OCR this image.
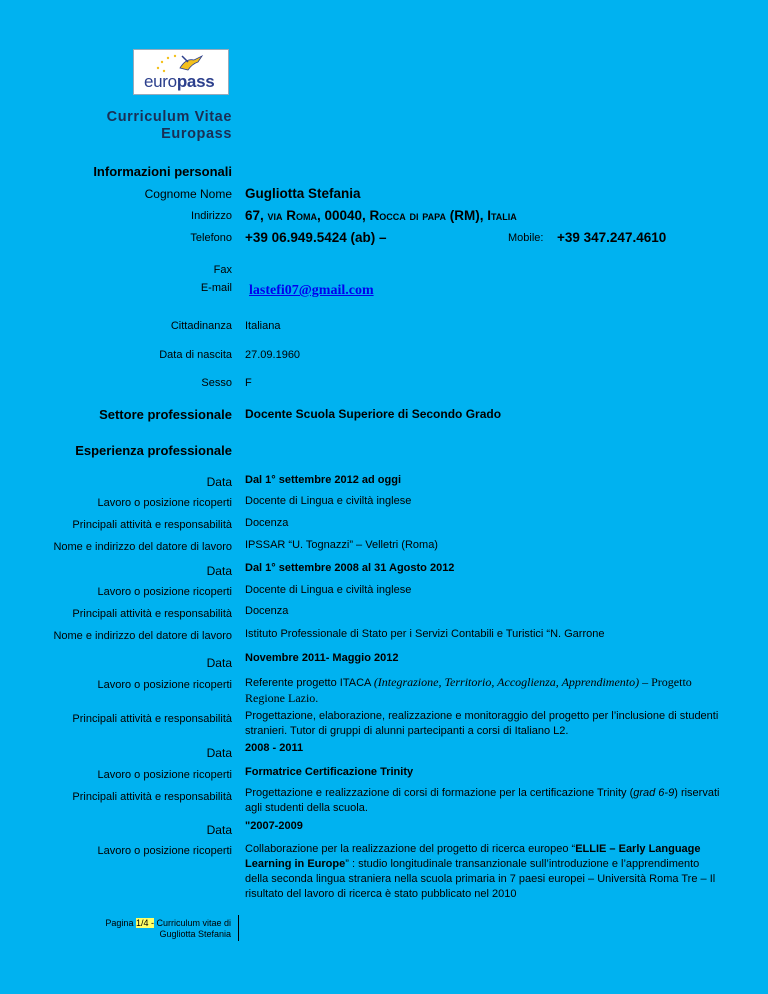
europass
Curriculum Vitae
Europass
Informazioni personali
Cognome Nome Gugliotta Stefania
Indirizzo 67, via Roma, 00040, Rocca di papa (RM), Italia
Telefono +39 06.949.5424 (ab) –	Mobile: +39 347.247.4610
Fax
E-mail lastefi07@gmail.com
Cittadinanza Italiana
Data di nascita 27.09.1960
Sesso F
Settore professionale Docente Scuola Superiore di Secondo Grado
Esperienza professionale
Data Dal 1° settembre 2012 ad oggi
Lavoro o posizione ricoperti Docente di Lingua e civiltà inglese
Principali attività e responsabilità Docenza
Nome e indirizzo del datore di lavoro IPSSAR “U. Tognazzi” – Velletri (Roma)
Data Dal 1° settembre 2008 al 31 Agosto 2012
Lavoro o posizione ricoperti Docente di Lingua e civiltà inglese
Principali attività e responsabilità Docenza
Nome e indirizzo del datore di lavoro Istituto Professionale di Stato per i Servizi Contabili e Turistici “N. Garrone
Data Novembre 2011- Maggio 2012
Lavoro o posizione ricoperti Referente progetto ITACA (Integrazione, Territorio, Accoglienza, Apprendimento) – Progetto Regione Lazio.
Principali attività e responsabilità Progettazione, elaborazione, realizzazione e monitoraggio del progetto per l’inclusione di studenti stranieri. Tutor di gruppi di alunni partecipanti a corsi di Italiano L2.
Data 2008 - 2011
Lavoro o posizione ricoperti Formatrice Certificazione Trinity
Principali attività e responsabilità Progettazione e realizzazione di corsi di formazione per la certificazione Trinity (grad 6-9) riservati agli studenti della scuola.
Data "2007-2009
Lavoro o posizione ricoperti Collaborazione per la realizzazione del progetto di ricerca europeo “ELLIE – Early Language Learning in Europe” : studio longitudinale transanzionale sull’introduzione e l’apprendimento della seconda lingua straniera nella scuola primaria in 7 paesi europei – Università Roma Tre – Il risultato del lavoro di ricerca è stato pubblicato nel 2010
Pagina 1/4 - Curriculum vitae di
Gugliotta Stefania
